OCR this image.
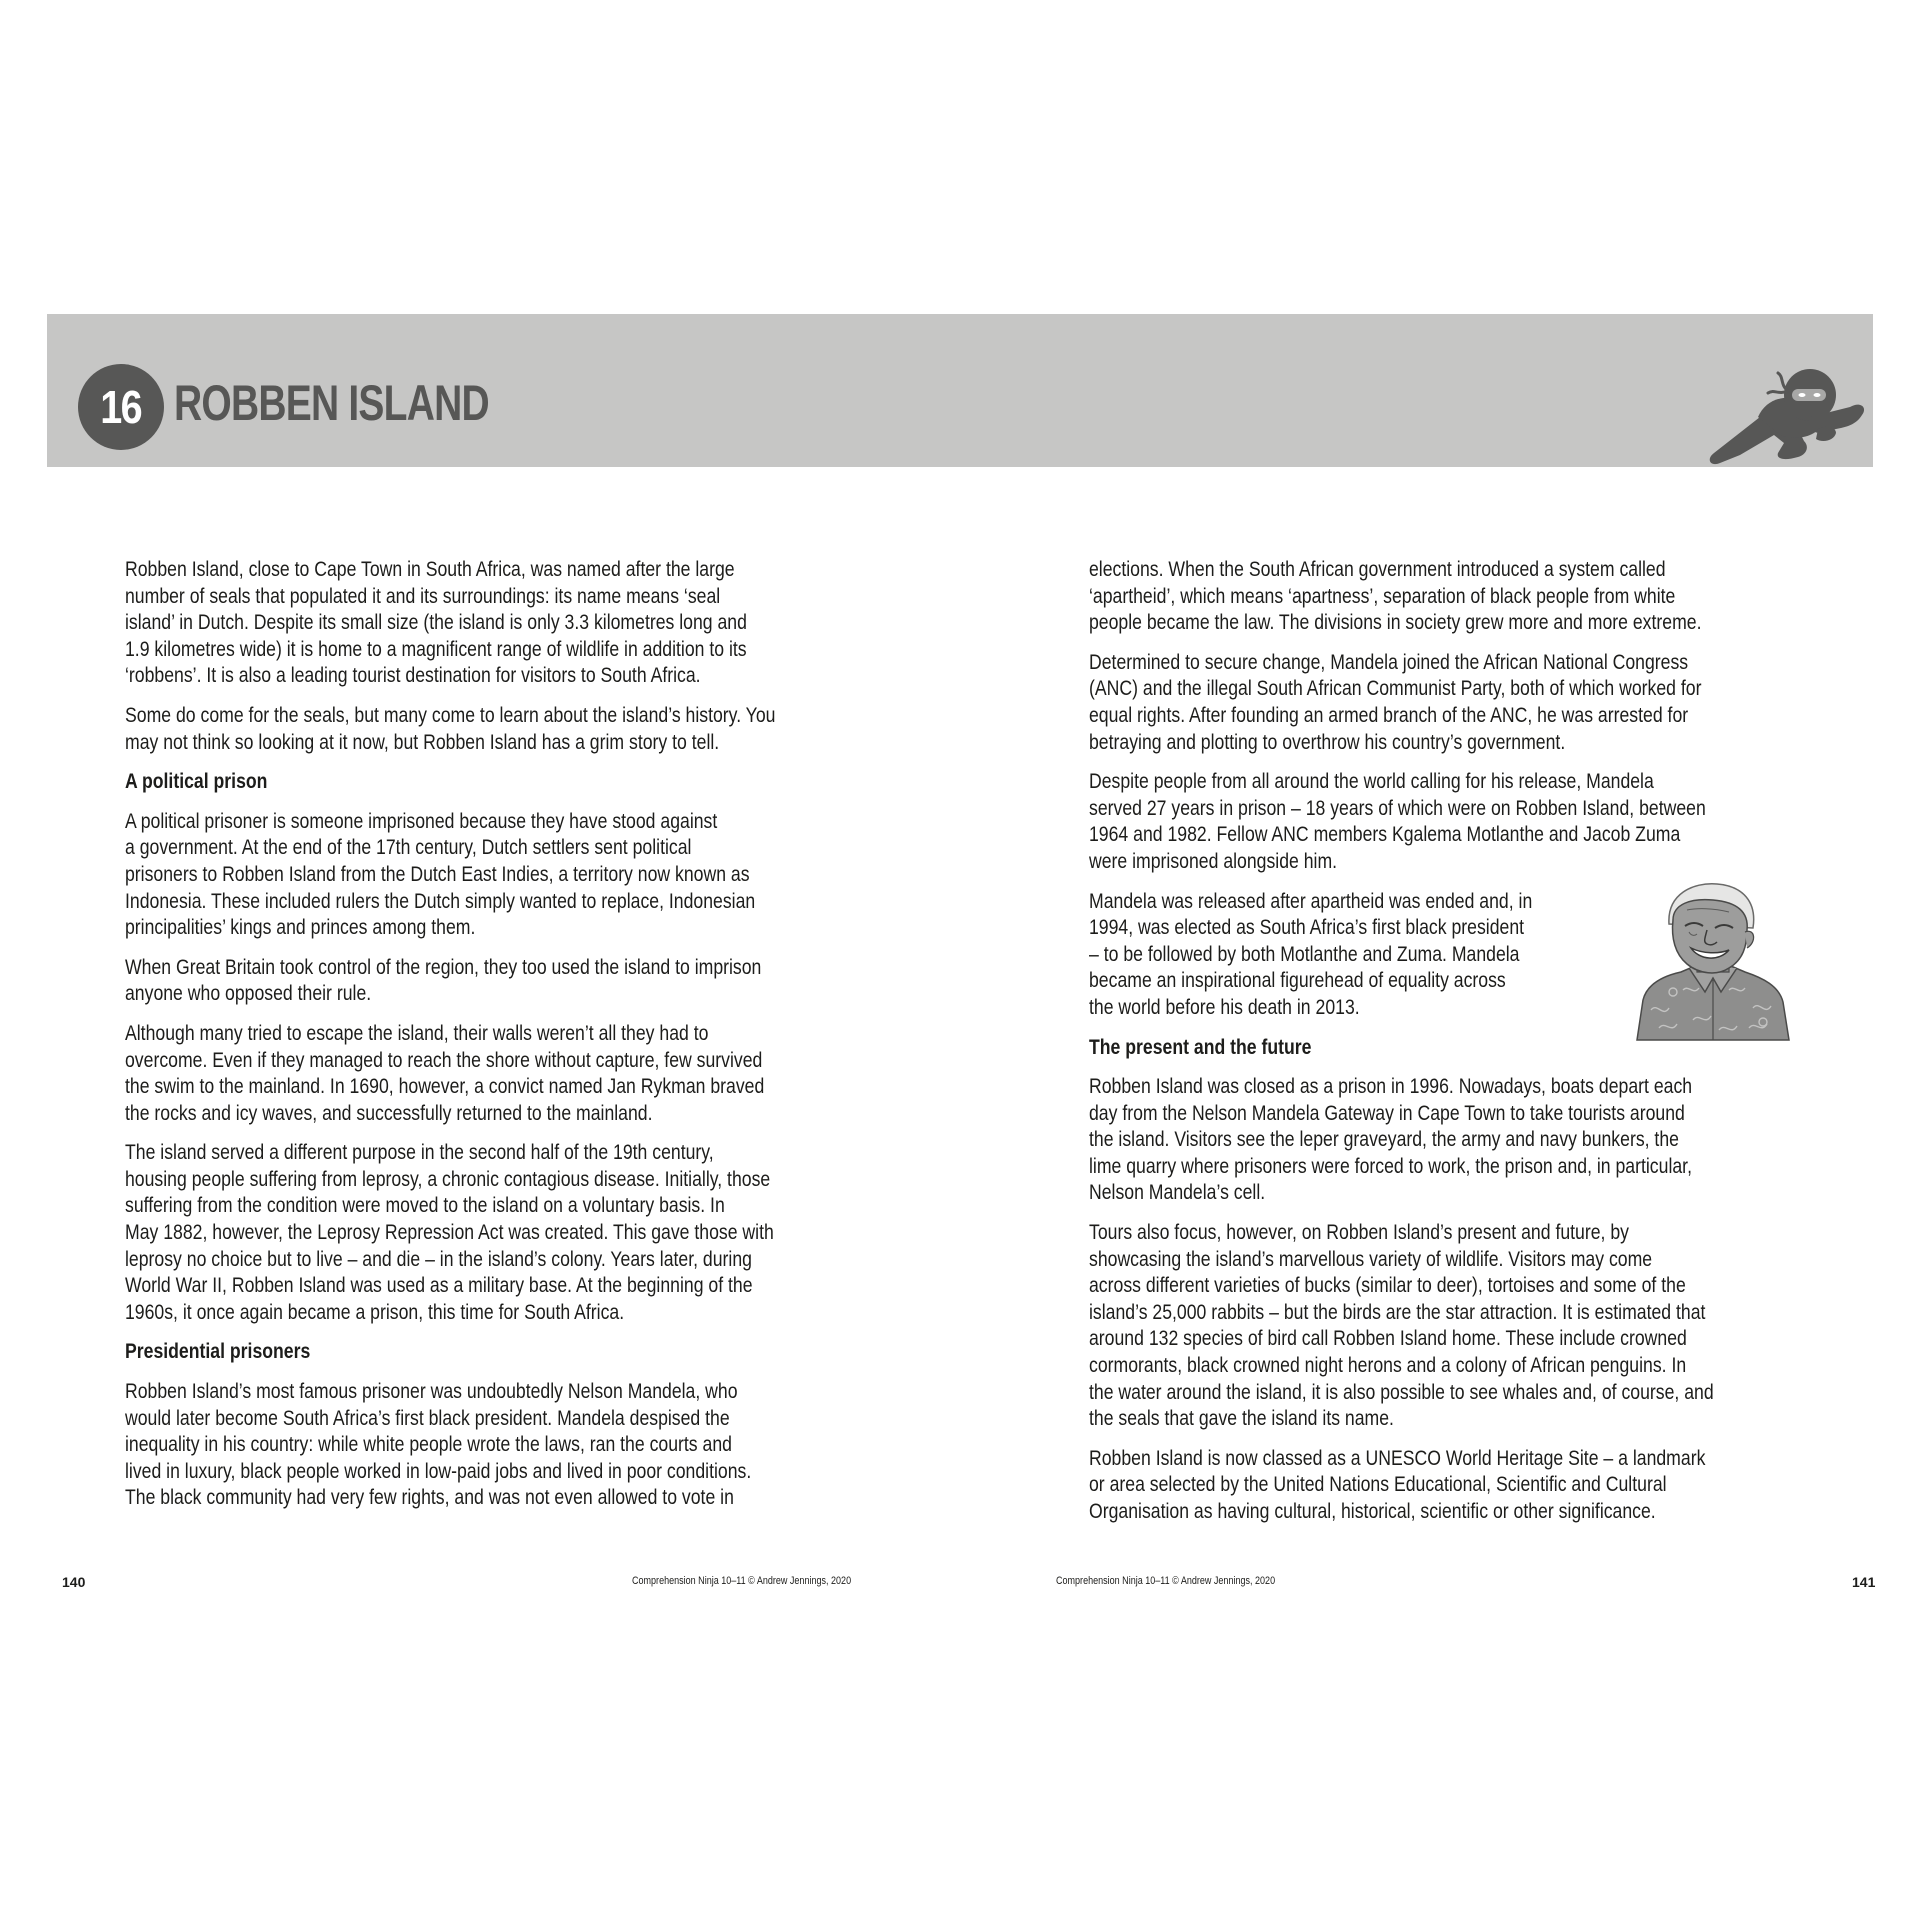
16 ROBBEN ISLAND

Robben Island, close to Cape Town in South Africa, was named after the large
number of seals that populated it and its surroundings: its name means ‘seal
island’ in Dutch. Despite its small size (the island is only 3.3 kilometres long and
1.9 kilometres wide) it is home to a magnificent range of wildlife in addition to its
‘robbens’. It is also a leading tourist destination for visitors to South Africa.

Some do come for the seals, but many come to learn about the island’s history. You
may not think so looking at it now, but Robben Island has a grim story to tell.

A political prison

A political prisoner is someone imprisoned because they have stood against
a government. At the end of the 17th century, Dutch settlers sent political
prisoners to Robben Island from the Dutch East Indies, a territory now known as
Indonesia. These included rulers the Dutch simply wanted to replace, Indonesian
principalities’ kings and princes among them.

When Great Britain took control of the region, they too used the island to imprison
anyone who opposed their rule.

Although many tried to escape the island, their walls weren’t all they had to
overcome. Even if they managed to reach the shore without capture, few survived
the swim to the mainland. In 1690, however, a convict named Jan Rykman braved
the rocks and icy waves, and successfully returned to the mainland.

The island served a different purpose in the second half of the 19th century,
housing people suffering from leprosy, a chronic contagious disease. Initially, those
suffering from the condition were moved to the island on a voluntary basis. In
May 1882, however, the Leprosy Repression Act was created. This gave those with
leprosy no choice but to live – and die – in the island’s colony. Years later, during
World War II, Robben Island was used as a military base. At the beginning of the
1960s, it once again became a prison, this time for South Africa.

Presidential prisoners

Robben Island’s most famous prisoner was undoubtedly Nelson Mandela, who
would later become South Africa’s first black president. Mandela despised the
inequality in his country: while white people wrote the laws, ran the courts and
lived in luxury, black people worked in low-paid jobs and lived in poor conditions.
The black community had very few rights, and was not even allowed to vote in

elections. When the South African government introduced a system called
‘apartheid’, which means ‘apartness’, separation of black people from white
people became the law. The divisions in society grew more and more extreme.

Determined to secure change, Mandela joined the African National Congress
(ANC) and the illegal South African Communist Party, both of which worked for
equal rights. After founding an armed branch of the ANC, he was arrested for
betraying and plotting to overthrow his country’s government.

Despite people from all around the world calling for his release, Mandela
served 27 years in prison – 18 years of which were on Robben Island, between
1964 and 1982. Fellow ANC members Kgalema Motlanthe and Jacob Zuma
were imprisoned alongside him.

Mandela was released after apartheid was ended and, in
1994, was elected as South Africa’s first black president
– to be followed by both Motlanthe and Zuma. Mandela
became an inspirational figurehead of equality across
the world before his death in 2013.

The present and the future

Robben Island was closed as a prison in 1996. Nowadays, boats depart each
day from the Nelson Mandela Gateway in Cape Town to take tourists around
the island. Visitors see the leper graveyard, the army and navy bunkers, the
lime quarry where prisoners were forced to work, the prison and, in particular,
Nelson Mandela’s cell.

Tours also focus, however, on Robben Island’s present and future, by
showcasing the island’s marvellous variety of wildlife. Visitors may come
across different varieties of bucks (similar to deer), tortoises and some of the
island’s 25,000 rabbits – but the birds are the star attraction. It is estimated that
around 132 species of bird call Robben Island home. These include crowned
cormorants, black crowned night herons and a colony of African penguins. In
the water around the island, it is also possible to see whales and, of course, and
the seals that gave the island its name.

Robben Island is now classed as a UNESCO World Heritage Site – a landmark
or area selected by the United Nations Educational, Scientific and Cultural
Organisation as having cultural, historical, scientific or other significance.

140	Comprehension Ninja 10–11 © Andrew Jennings, 2020	Comprehension Ninja 10–11 © Andrew Jennings, 2020	141
